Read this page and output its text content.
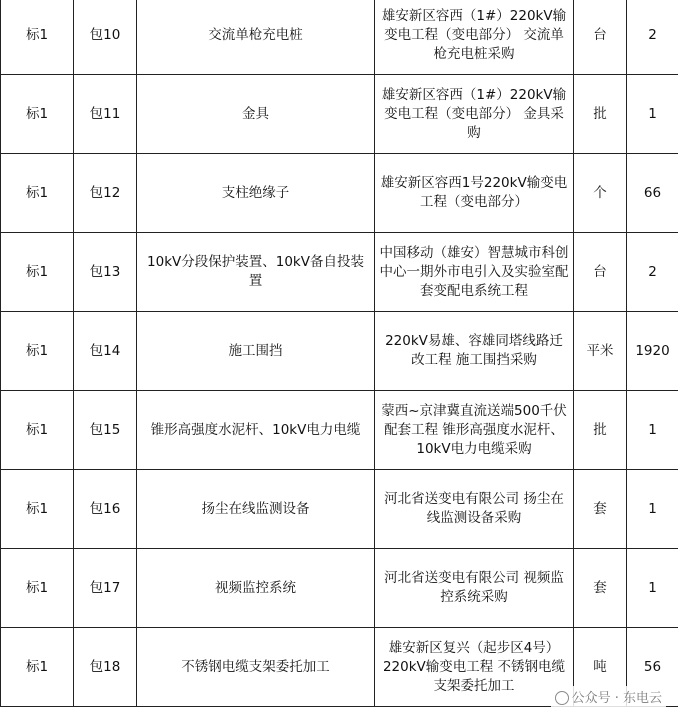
标1	包10	交流单枪充电桩	雄安新区容西（1#）220kV输变电工程（变电部分） 交流单枪充电桩采购	台	2
标1	包11	金具	雄安新区容西（1#）220kV输变电工程（变电部分） 金具采购	批	1
标1	包12	支柱绝缘子	雄安新区容西1号220kV输变电工程（变电部分）	个	66
标1	包13	10kV分段保护装置、10kV备自投装置	中国移动（雄安）智慧城市科创中心一期外市电引入及实验室配套变配电系统工程	台	2
标1	包14	施工围挡	220kV易雄、容雄同塔线路迁改工程 施工围挡采购	平米	1920
标1	包15	锥形高强度水泥杆、10kV电力电缆	蒙西~京津冀直流送端500千伏配套工程 锥形高强度水泥杆、10kV电力电缆采购	批	1
标1	包16	扬尘在线监测设备	河北省送变电有限公司 扬尘在线监测设备采购	套	1
标1	包17	视频监控系统	河北省送变电有限公司 视频监控系统采购	套	1
标1	包18	不锈钢电缆支架委托加工	雄安新区复兴（起步区4号）220kV输变电工程 不锈钢电缆支架委托加工	吨	56
公众号 · 东电云
